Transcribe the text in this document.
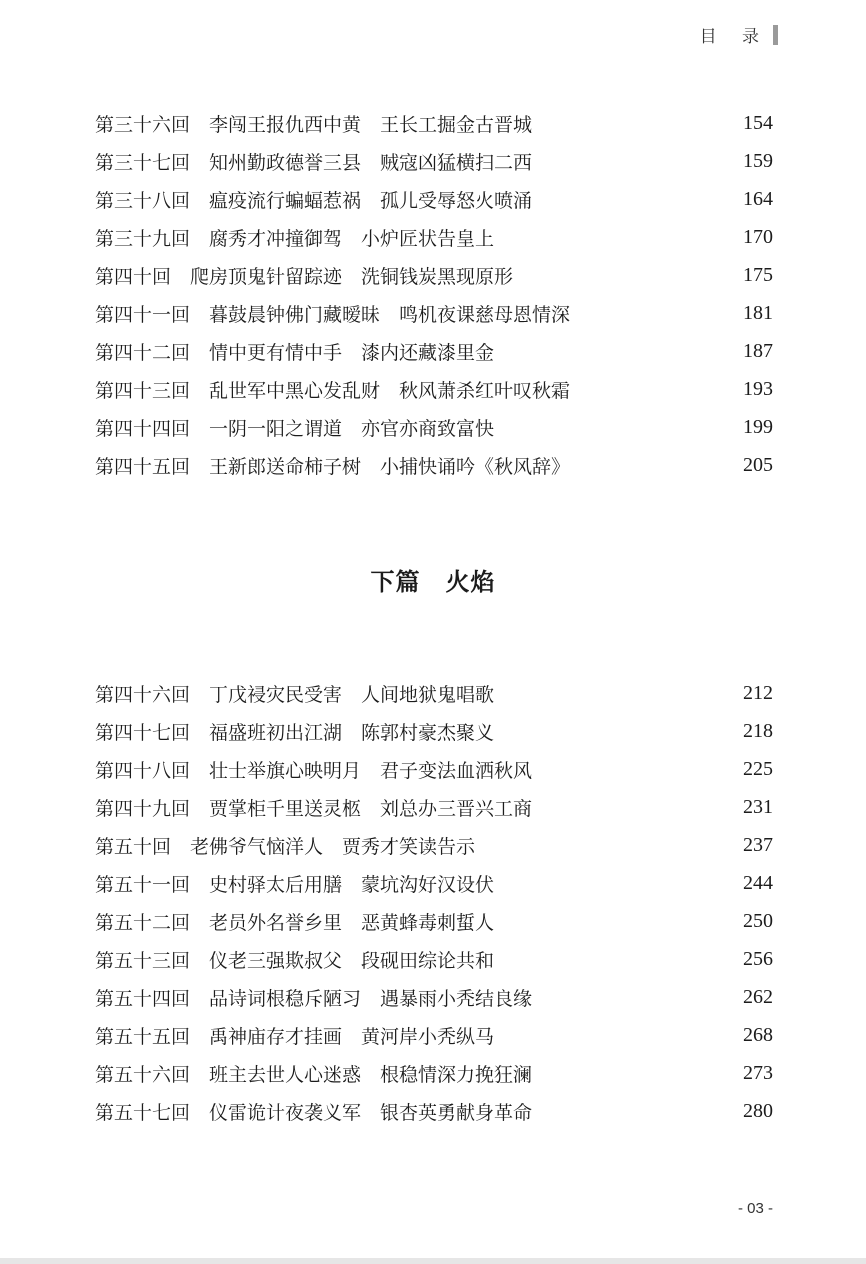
目 录
第三十六回　李闯王报仇西中黄　王长工掘金古晋城	154
第三十七回　知州勤政德誉三县　贼寇凶猛横扫二西	159
第三十八回　瘟疫流行蝙蝠惹祸　孤儿受辱怒火喷涌	164
第三十九回　腐秀才冲撞御驾　小炉匠状告皇上	170
第四十回　爬房顶鬼针留踪迹　洗铜钱炭黑现原形	175
第四十一回　暮鼓晨钟佛门藏暧昧　鸣机夜课慈母恩情深	181
第四十二回　情中更有情中手　漆内还藏漆里金	187
第四十三回　乱世军中黑心发乱财　秋风萧杀红叶叹秋霜	193
第四十四回　一阴一阳之谓道　亦官亦商致富快	199
第四十五回　王新郎送命柿子树　小捕快诵吟《秋风辞》	205
下篇　火焰
第四十六回　丁戊祲灾民受害　人间地狱鬼唱歌	212
第四十七回　福盛班初出江湖　陈郭村豪杰聚义	218
第四十八回　壮士举旗心映明月　君子变法血洒秋风	225
第四十九回　贾掌柜千里送灵柩　刘总办三晋兴工商	231
第五十回　老佛爷气恼洋人　贾秀才笑读告示	237
第五十一回　史村驿太后用膳　蒙坑沟好汉设伏	244
第五十二回　老员外名誉乡里　恶黄蜂毒刺蜇人	250
第五十三回　仪老三强欺叔父　段砚田综论共和	256
第五十四回　品诗词根稳斥陋习　遇暴雨小秃结良缘	262
第五十五回　禹神庙存才挂画　黄河岸小秃纵马	268
第五十六回　班主去世人心迷惑　根稳情深力挽狂澜	273
第五十七回　仪雷诡计夜袭义军　银杏英勇献身革命	280
- 03 -
